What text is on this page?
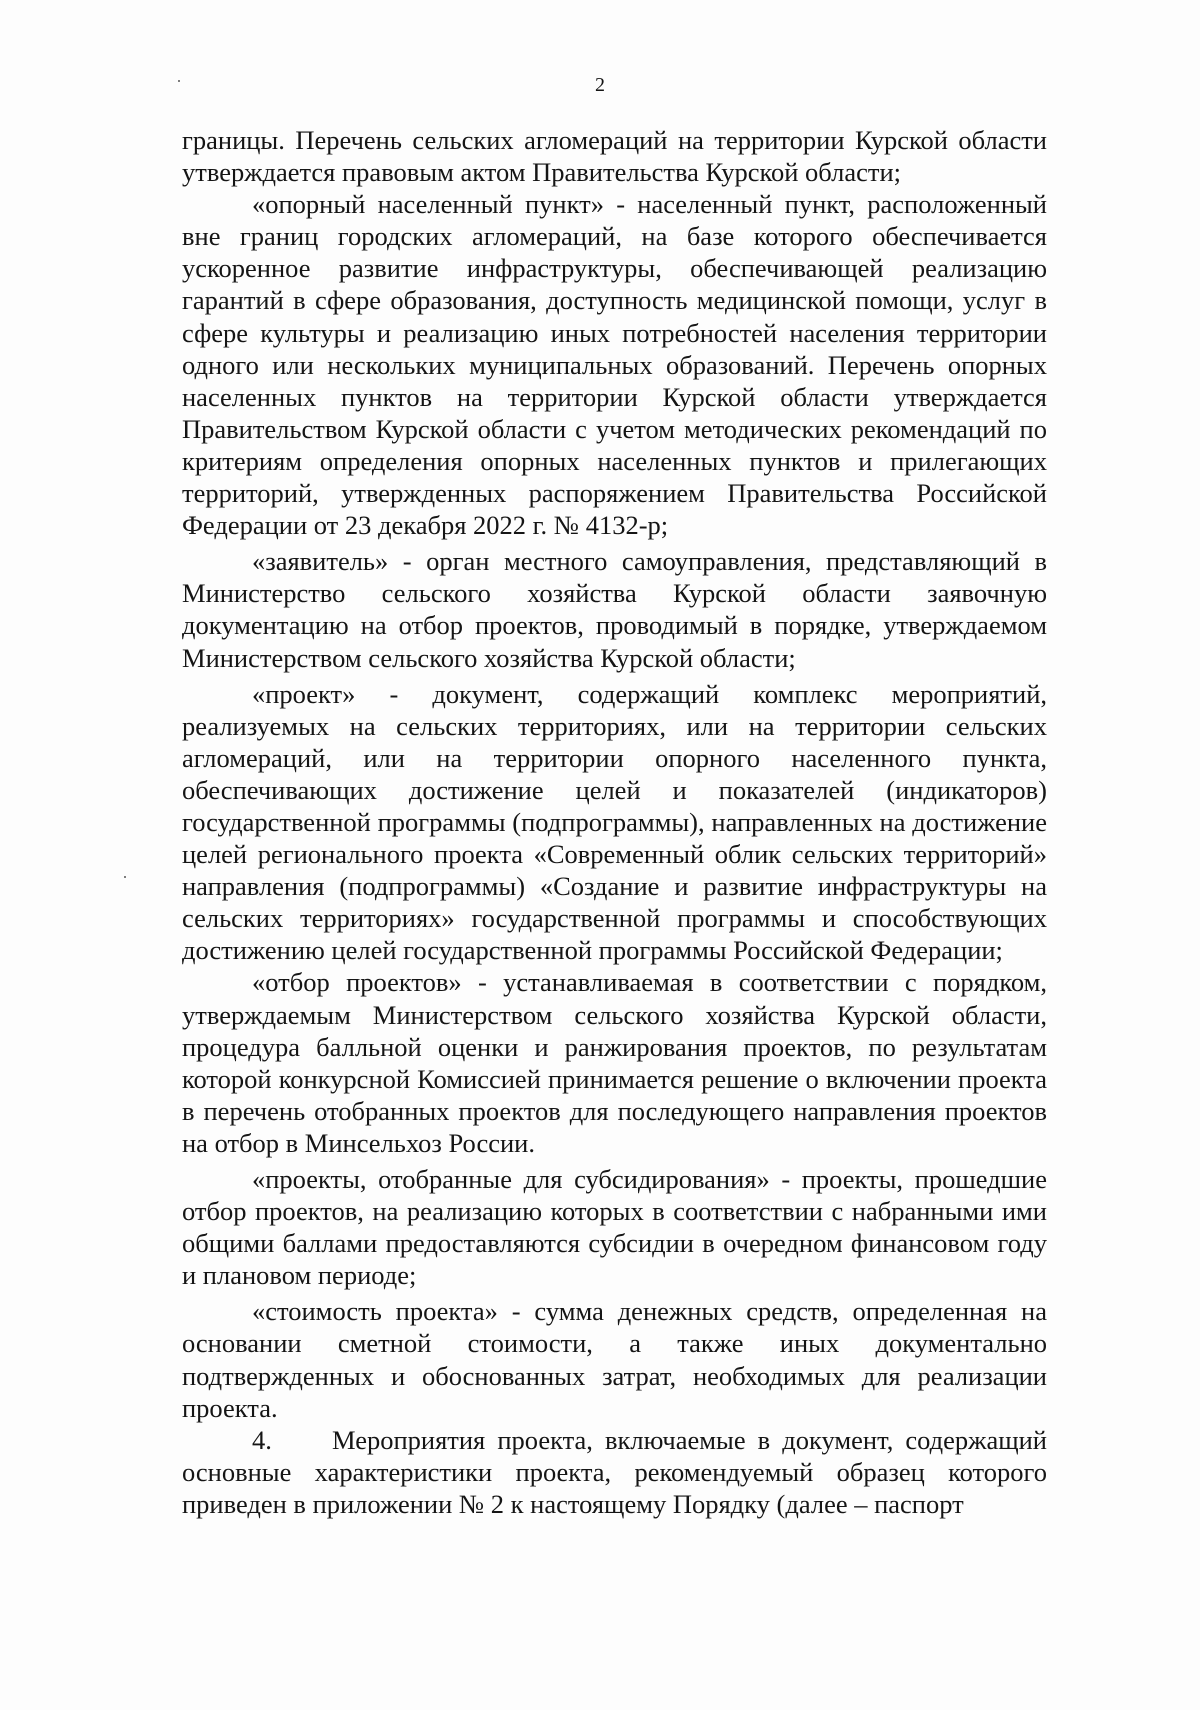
2

границы. Перечень сельских агломераций на территории Курской области утверждается правовым актом Правительства Курской области;

«опорный населенный пункт» - населенный пункт, расположенный вне границ городских агломераций, на базе которого обеспечивается ускоренное развитие инфраструктуры, обеспечивающей реализацию гарантий в сфере образования, доступность медицинской помощи, услуг в сфере культуры и реализацию иных потребностей населения территории одного или нескольких муниципальных образований. Перечень опорных населенных пунктов на территории Курской области утверждается Правительством Курской области с учетом методических рекомендаций по критериям определения опорных населенных пунктов и прилегающих территорий, утвержденных распоряжением Правительства Российской Федерации от 23 декабря 2022 г. № 4132-р;

«заявитель» - орган местного самоуправления, представляющий в Министерство сельского хозяйства Курской области заявочную документацию на отбор проектов, проводимый в порядке, утверждаемом Министерством сельского хозяйства Курской области;

«проект» - документ, содержащий комплекс мероприятий, реализуемых на сельских территориях, или на территории сельских агломераций, или на территории опорного населенного пункта, обеспечивающих достижение целей и показателей (индикаторов) государственной программы (подпрограммы), направленных на достижение целей регионального проекта «Современный облик сельских территорий» направления (подпрограммы) «Создание и развитие инфраструктуры на сельских территориях» государственной программы и способствующих достижению целей государственной программы Российской Федерации;

«отбор проектов» - устанавливаемая в соответствии с порядком, утверждаемым Министерством сельского хозяйства Курской области, процедура балльной оценки и ранжирования проектов, по результатам которой конкурсной Комиссией принимается решение о включении проекта в перечень отобранных проектов для последующего направления проектов на отбор в Минсельхоз России.

«проекты, отобранные для субсидирования» - проекты, прошедшие отбор проектов, на реализацию которых в соответствии с набранными ими общими баллами предоставляются субсидии в очередном финансовом году и плановом периоде;

«стоимость проекта» - сумма денежных средств, определенная на основании сметной стоимости, а также иных документально подтвержденных и обоснованных затрат, необходимых для реализации проекта.

4. Мероприятия проекта, включаемые в документ, содержащий основные характеристики проекта, рекомендуемый образец которого приведен в приложении № 2 к настоящему Порядку (далее – паспорт
